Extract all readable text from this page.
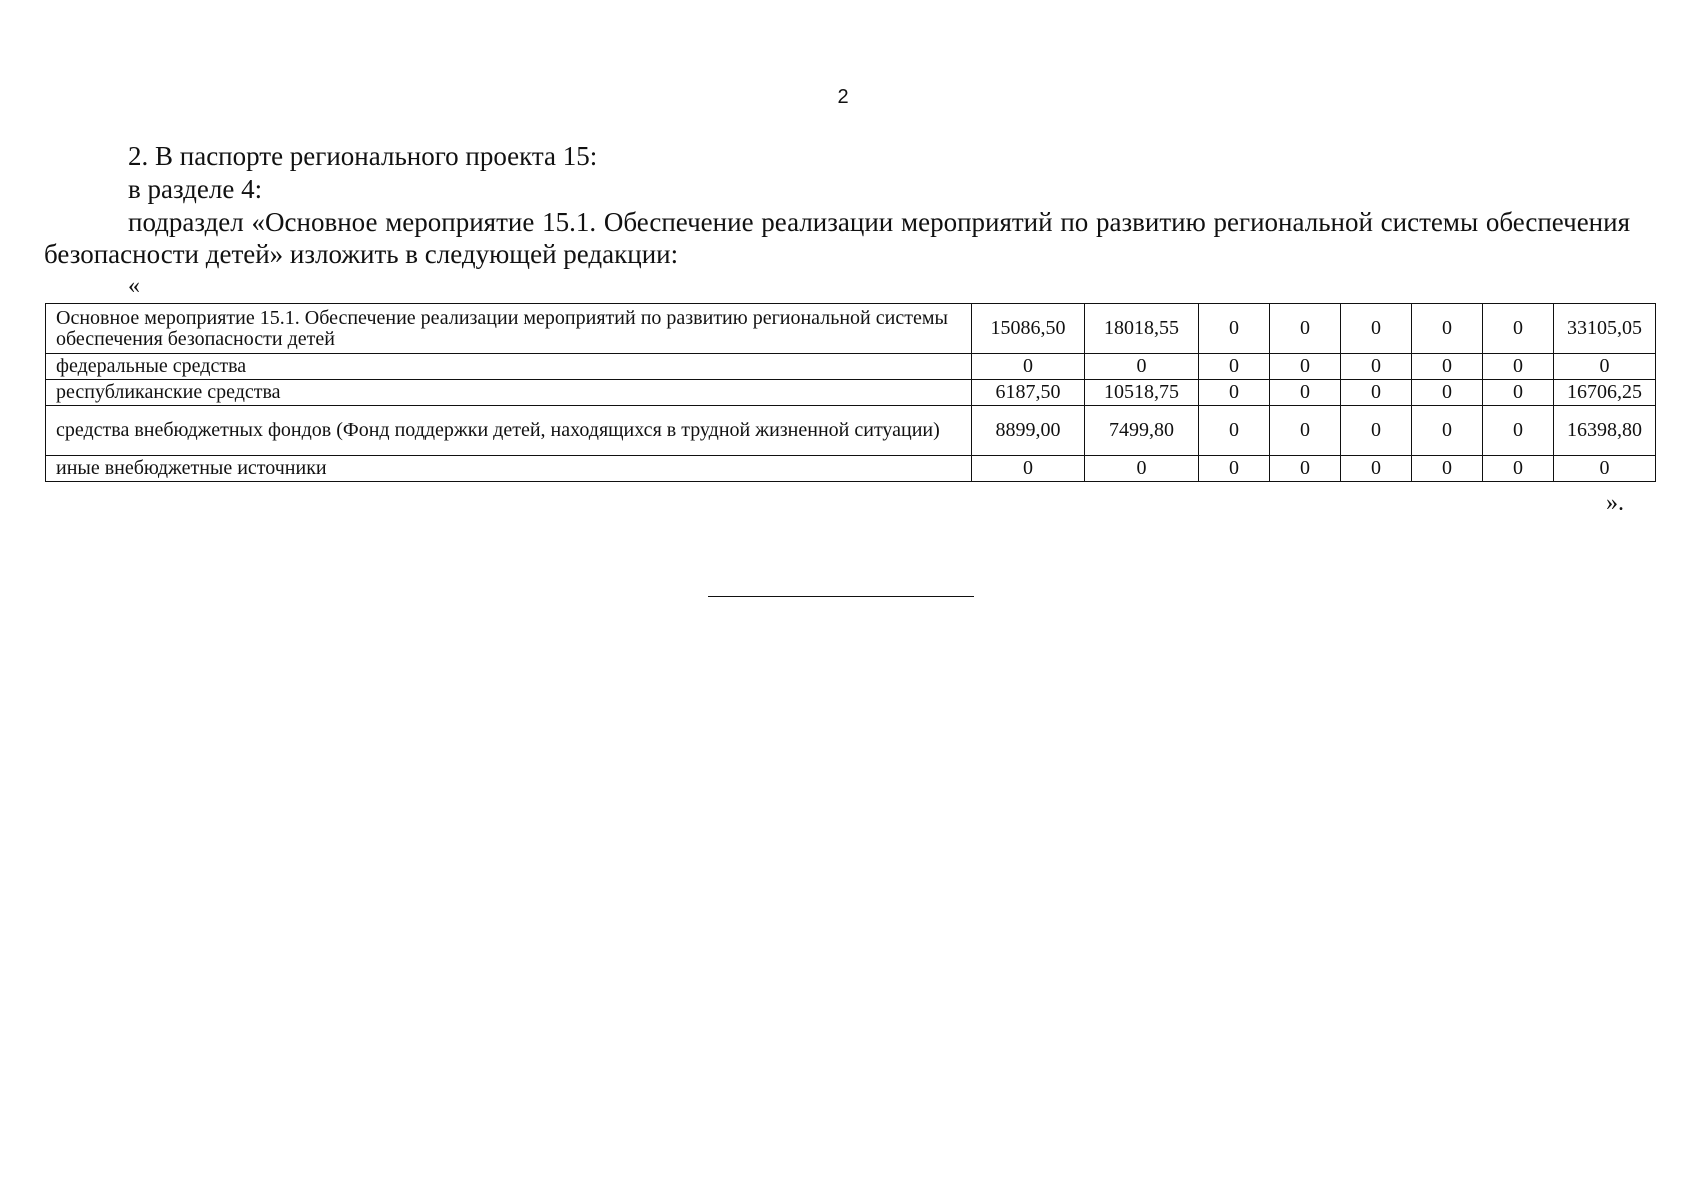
2
2. В паспорте регионального проекта 15:
в разделе 4:
подраздел «Основное мероприятие 15.1. Обеспечение реализации мероприятий по развитию региональной системы обеспечения безопасности детей» изложить в следующей редакции:
«
Основное мероприятие 15.1. Обеспечение реализации мероприятий по развитию региональной системы обеспечения безопасности детей	15086,50	18018,55	0	0	0	0	0	33105,05
федеральные средства	0	0	0	0	0	0	0	0
республиканские средства	6187,50	10518,75	0	0	0	0	0	16706,25
средства внебюджетных фондов (Фонд поддержки детей, находящихся в трудной жизненной ситуации)	8899,00	7499,80	0	0	0	0	0	16398,80
иные внебюджетные источники	0	0	0	0	0	0	0	0
».
